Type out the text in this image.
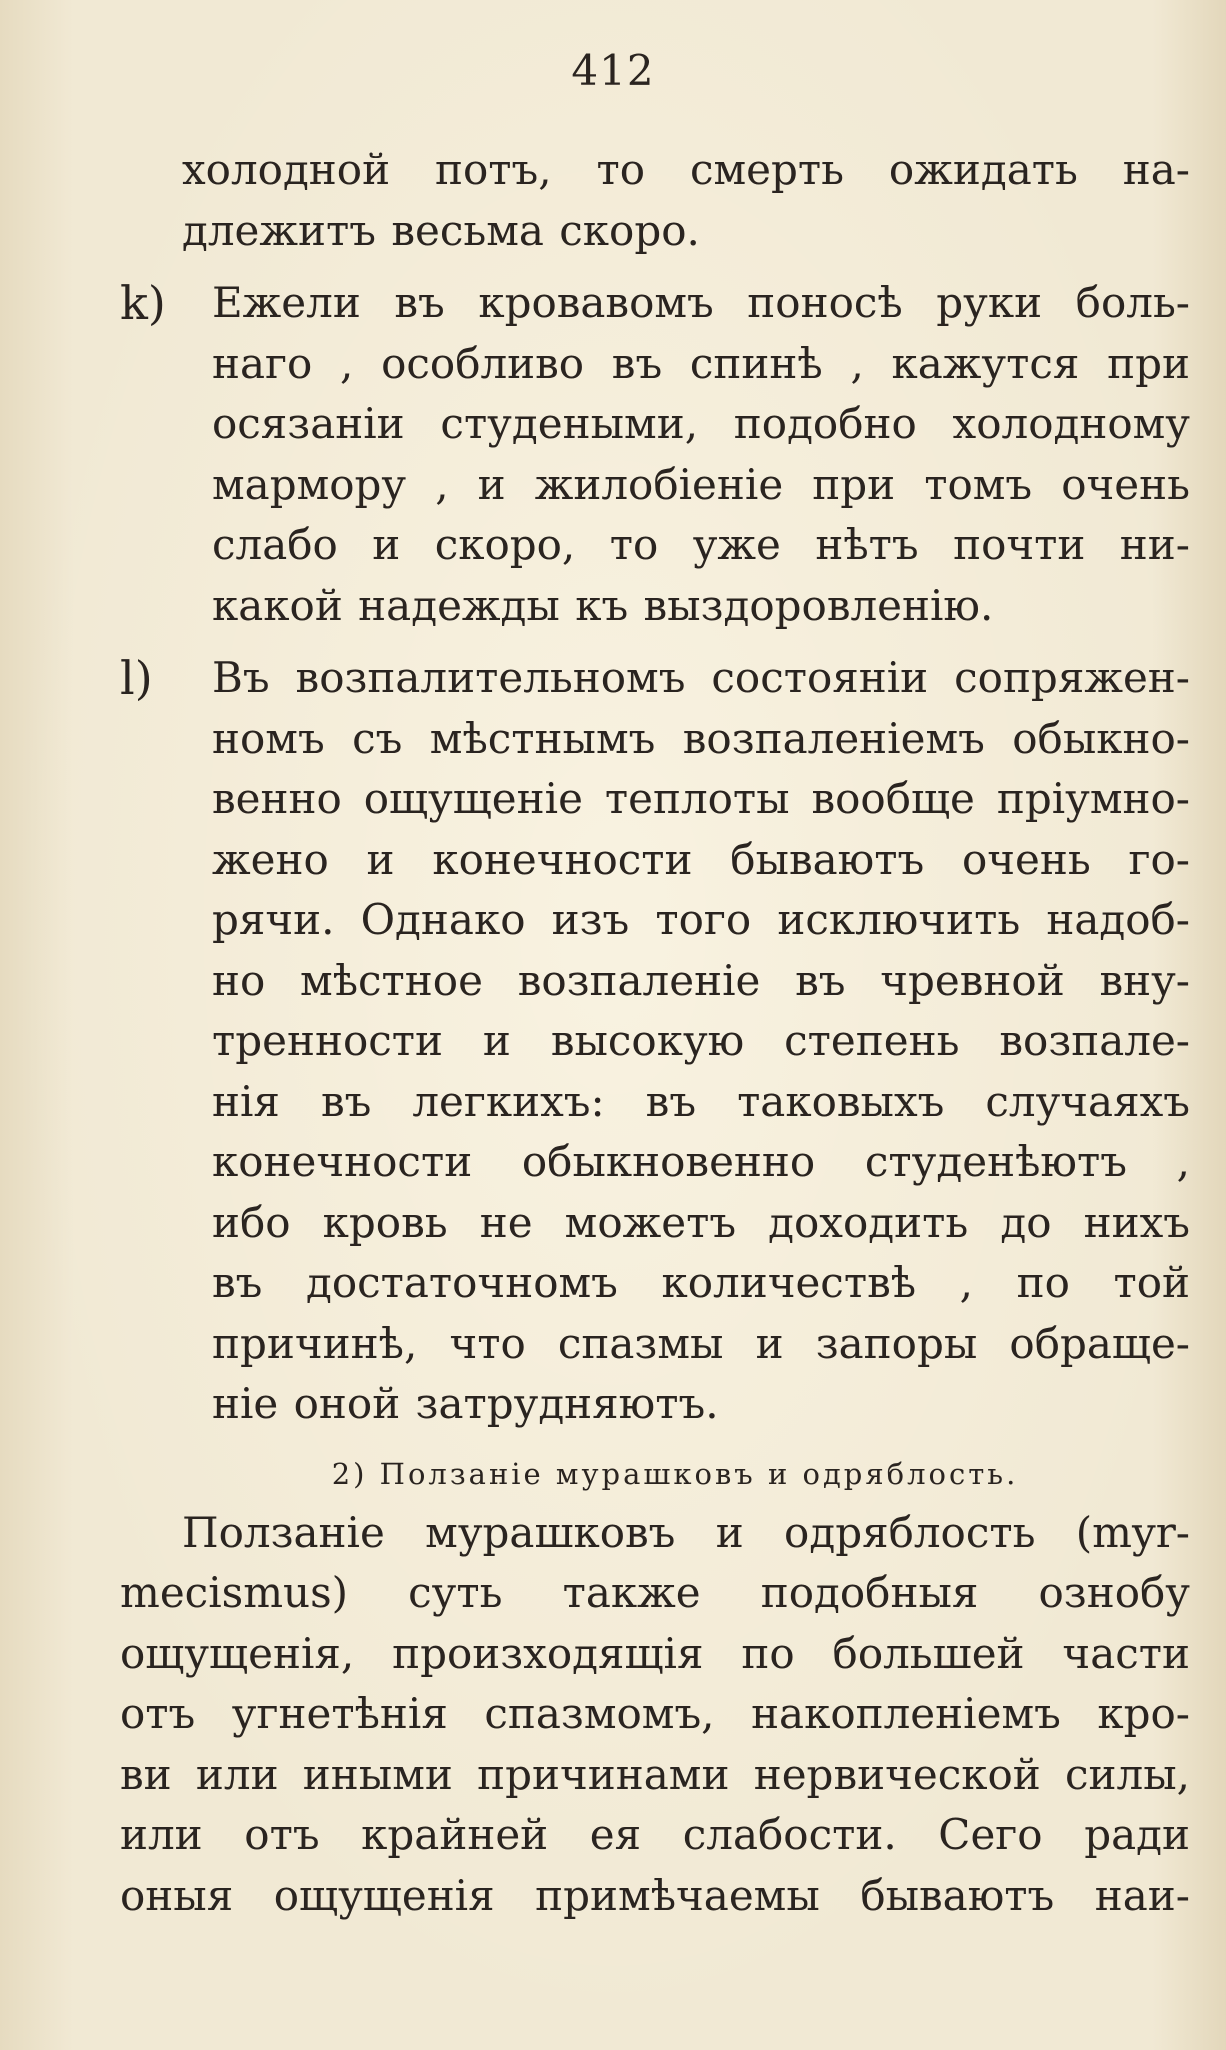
412
холодной потъ, то смерть ожидать на-
длежитъ весьма скоро.
k) Ежели въ кровавомъ поносѣ руки боль-
наго , особливо въ спинѣ , кажутся при
осязаніи студеными, подобно холодному
мармору , и жилобіеніе при томъ очень
слабо и скоро, то уже нѣтъ почти ни-
какой надежды къ выздоровленію.
l) Въ возпалительномъ состояніи сопряжен-
номъ съ мѣстнымъ возпаленіемъ обыкно-
венно ощущеніе теплоты вообще пріумно-
жено и конечности бываютъ очень го-
рячи. Однако изъ того исключить надоб-
но мѣстное возпаленіе въ чревной вну-
тренности и высокую степень возпале-
нія въ легкихъ: въ таковыхъ случаяхъ
конечности обыкновенно студенѣютъ ,
ибо кровь не можетъ доходить до нихъ
въ достаточномъ количествѣ , по той
причинѣ, что спазмы и запоры обраще-
ніе оной затрудняютъ.
2) Ползаніе мурашковъ и одряблость.
Ползаніе мурашковъ и одряблость (myr-
mecismus) суть также подобныя ознобу
ощущенія, произходящія по большей части
отъ угнетѣнія спазмомъ, накопленіемъ кро-
ви или иными причинами нервической силы,
или отъ крайней ея слабости. Сего ради
оныя ощущенія примѣчаемы бываютъ наи-
